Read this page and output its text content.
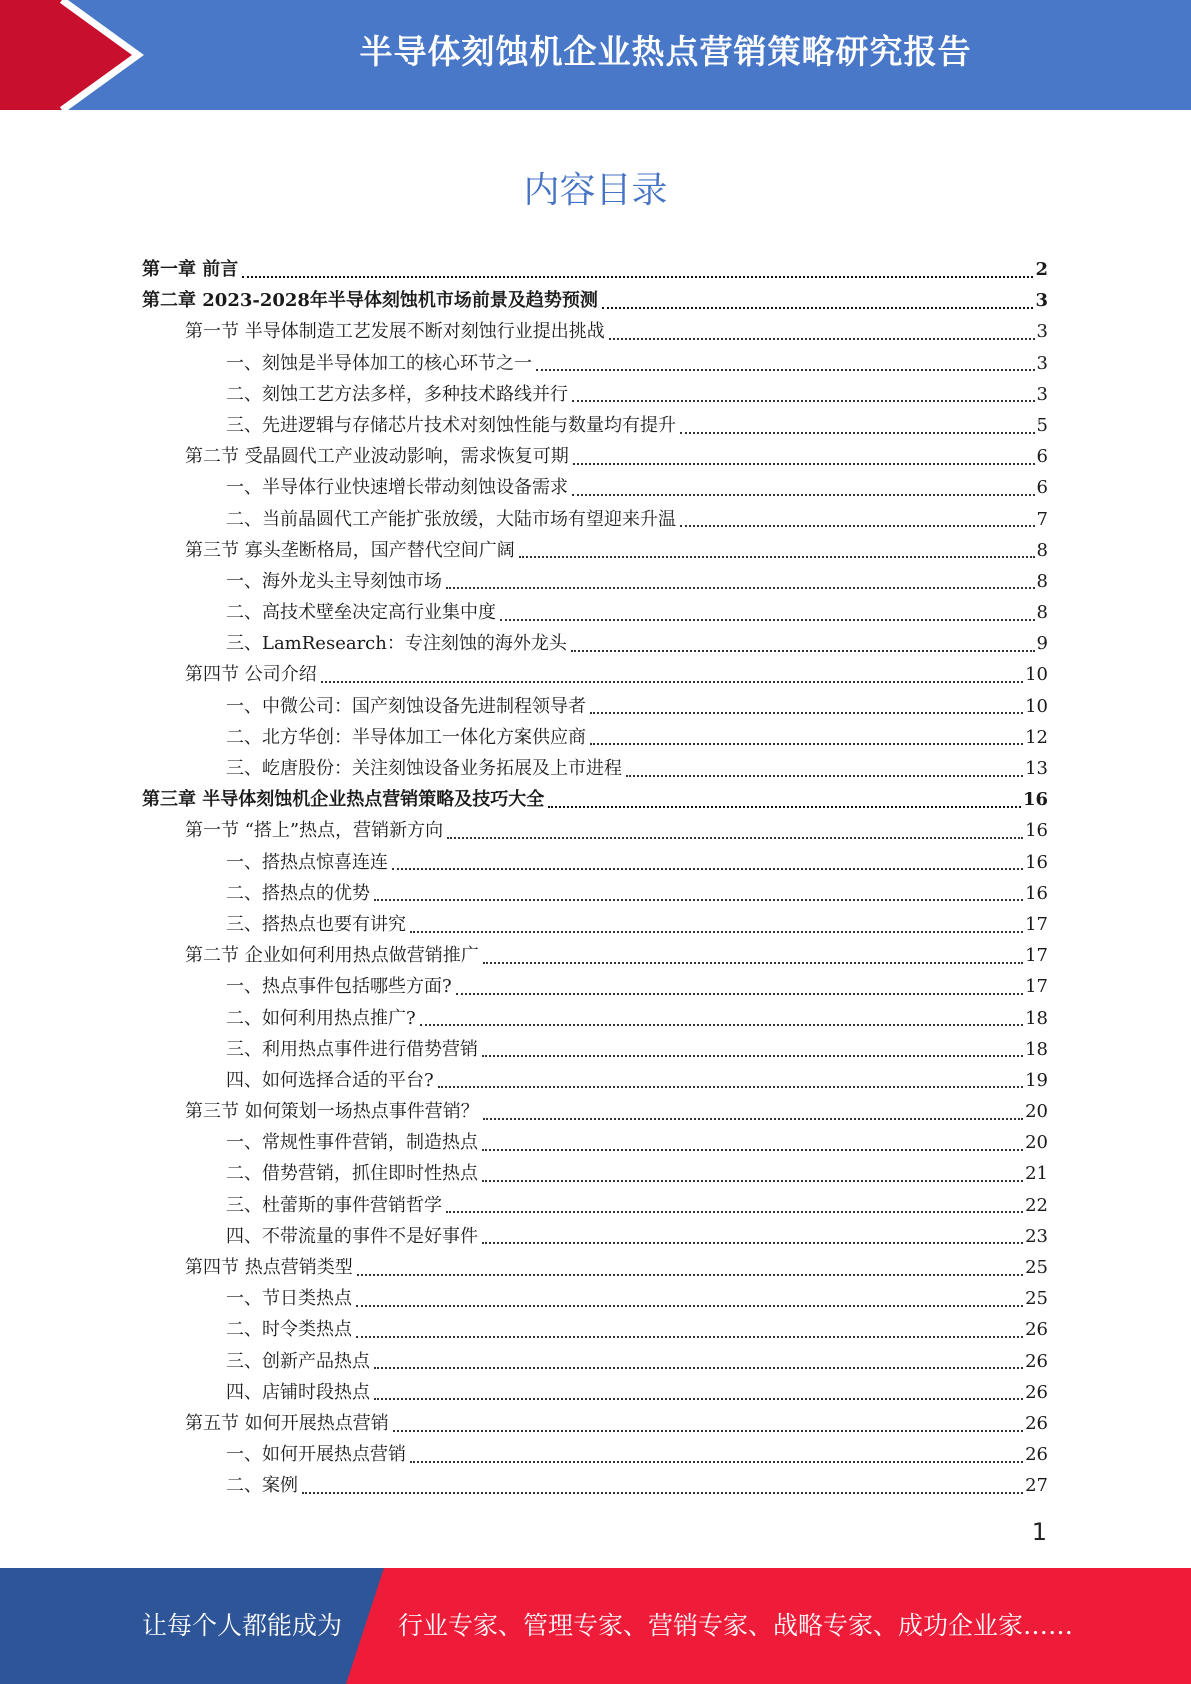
半导体刻蚀机企业热点营销策略研究报告
内容目录
第一章 前言	2
第二章 2023-2028年半导体刻蚀机市场前景及趋势预测	3
第一节 半导体制造工艺发展不断对刻蚀行业提出挑战	3
一、刻蚀是半导体加工的核心环节之一	3
二、刻蚀工艺方法多样，多种技术路线并行	3
三、先进逻辑与存储芯片技术对刻蚀性能与数量均有提升	5
第二节 受晶圆代工产业波动影响，需求恢复可期	6
一、半导体行业快速增长带动刻蚀设备需求	6
二、当前晶圆代工产能扩张放缓，大陆市场有望迎来升温	7
第三节 寡头垄断格局，国产替代空间广阔	8
一、海外龙头主导刻蚀市场	8
二、高技术壁垒决定高行业集中度	8
三、LamResearch：专注刻蚀的海外龙头	9
第四节 公司介绍	10
一、中微公司：国产刻蚀设备先进制程领导者	10
二、北方华创：半导体加工一体化方案供应商	12
三、屹唐股份：关注刻蚀设备业务拓展及上市进程	13
第三章 半导体刻蚀机企业热点营销策略及技巧大全	16
第一节 “搭上”热点，营销新方向	16
一、搭热点惊喜连连	16
二、搭热点的优势	16
三、搭热点也要有讲究	17
第二节 企业如何利用热点做营销推广	17
一、热点事件包括哪些方面?	17
二、如何利用热点推广?	18
三、利用热点事件进行借势营销	18
四、如何选择合适的平台?	19
第三节 如何策划一场热点事件营销？	20
一、常规性事件营销，制造热点	20
二、借势营销，抓住即时性热点	21
三、杜蕾斯的事件营销哲学	22
四、不带流量的事件不是好事件	23
第四节 热点营销类型	25
一、节日类热点	25
二、时令类热点	26
三、创新产品热点	26
四、店铺时段热点	26
第五节 如何开展热点营销	26
一、如何开展热点营销	26
二、案例	27
1
让每个人都能成为 行业专家、管理专家、营销专家、战略专家、成功企业家……
